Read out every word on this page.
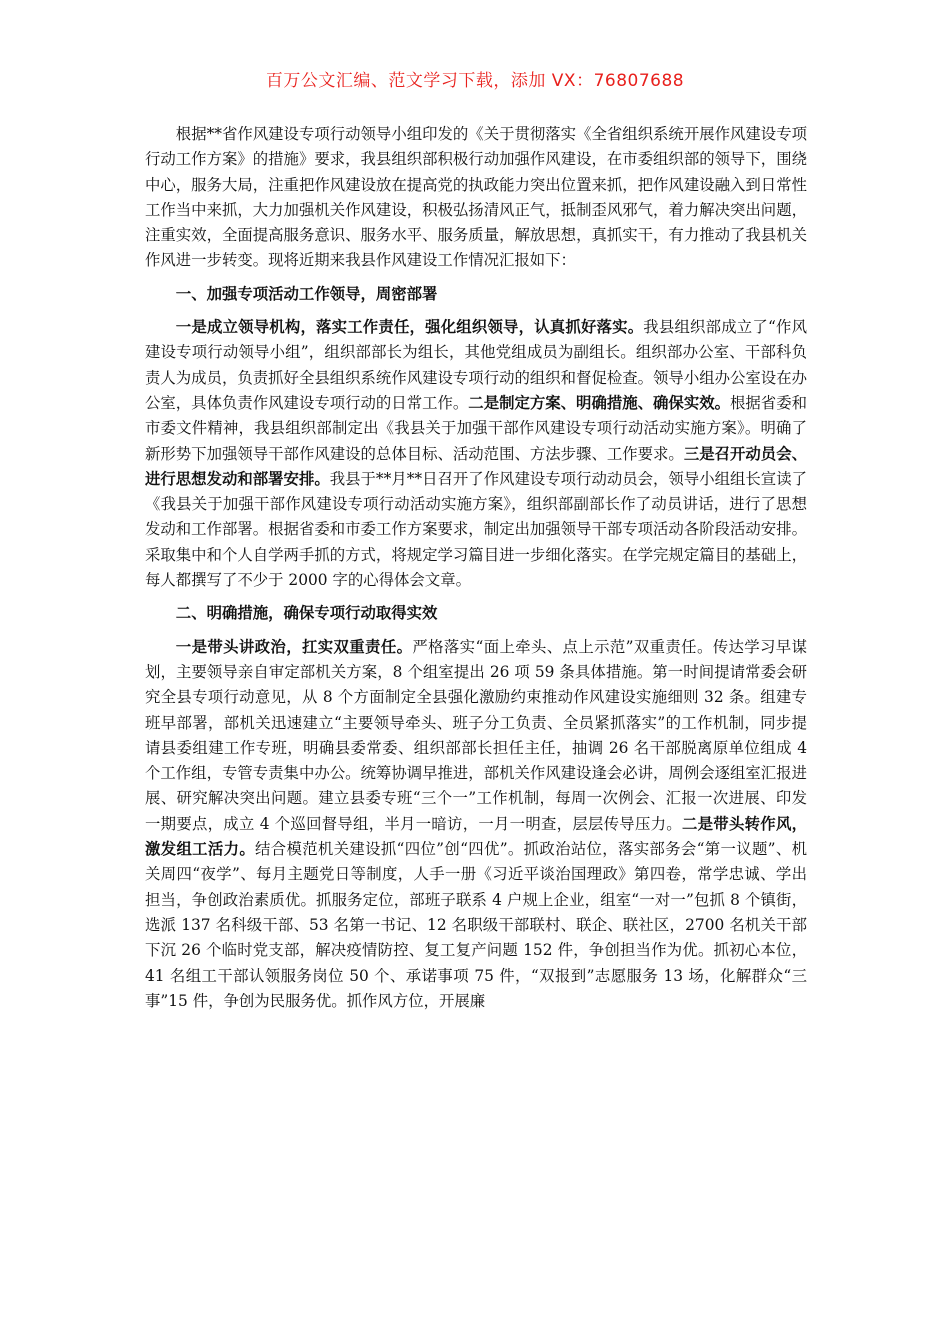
百万公文汇编、范文学习下载，添加 VX：76807688

根据**省作风建设专项行动领导小组印发的《关于贯彻落实《全省组织系统开展作风建设专项行动工作方案》的措施》要求，我县组织部积极行动加强作风建设，在市委组织部的领导下，围绕中心，服务大局，注重把作风建设放在提高党的执政能力突出位置来抓，把作风建设融入到日常性工作当中来抓，大力加强机关作风建设，积极弘扬清风正气，抵制歪风邪气，着力解决突出问题，注重实效，全面提高服务意识、服务水平、服务质量，解放思想，真抓实干，有力推动了我县机关作风进一步转变。现将近期来我县作风建设工作情况汇报如下：

一、加强专项活动工作领导，周密部署

一是成立领导机构，落实工作责任，强化组织领导，认真抓好落实。我县组织部成立了“作风建设专项行动领导小组”，组织部部长为组长，其他党组成员为副组长。组织部办公室、干部科负责人为成员，负责抓好全县组织系统作风建设专项行动的组织和督促检查。领导小组办公室设在办公室，具体负责作风建设专项行动的日常工作。二是制定方案、明确措施、确保实效。根据省委和市委文件精神，我县组织部制定出《我县关于加强干部作风建设专项行动活动实施方案》。明确了新形势下加强领导干部作风建设的总体目标、活动范围、方法步骤、工作要求。三是召开动员会、进行思想发动和部署安排。我县于**月**日召开了作风建设专项行动动员会，领导小组组长宣读了《我县关于加强干部作风建设专项行动活动实施方案》，组织部副部长作了动员讲话，进行了思想发动和工作部署。根据省委和市委工作方案要求，制定出加强领导干部专项活动各阶段活动安排。采取集中和个人自学两手抓的方式，将规定学习篇目进一步细化落实。在学完规定篇目的基础上，每人都撰写了不少于 2000 字的心得体会文章。

二、明确措施，确保专项行动取得实效

一是带头讲政治，扛实双重责任。严格落实“面上牵头、点上示范”双重责任。传达学习早谋划，主要领导亲自审定部机关方案，8 个组室提出 26 项 59 条具体措施。第一时间提请常委会研究全县专项行动意见，从 8 个方面制定全县强化激励约束推动作风建设实施细则 32 条。组建专班早部署，部机关迅速建立“主要领导牵头、班子分工负责、全员紧抓落实”的工作机制，同步提请县委组建工作专班，明确县委常委、组织部部长担任主任，抽调 26 名干部脱离原单位组成 4 个工作组，专管专责集中办公。统筹协调早推进，部机关作风建设逢会必讲，周例会逐组室汇报进展、研究解决突出问题。建立县委专班“三个一”工作机制，每周一次例会、汇报一次进展、印发一期要点，成立 4 个巡回督导组，半月一暗访，一月一明查，层层传导压力。二是带头转作风，激发组工活力。结合模范机关建设抓“四位”创“四优”。抓政治站位，落实部务会“第一议题”、机关周四“夜学”、每月主题党日等制度，人手一册《习近平谈治国理政》第四卷，常学忠诚、学出担当，争创政治素质优。抓服务定位，部班子联系 4 户规上企业，组室“一对一”包抓 8 个镇街，选派 137 名科级干部、53 名第一书记、12 名职级干部联村、联企、联社区，2700 名机关干部下沉 26 个临时党支部，解决疫情防控、复工复产问题 152 件，争创担当作为优。抓初心本位，41 名组工干部认领服务岗位 50 个、承诺事项 75 件，“双报到”志愿服务 13 场，化解群众“三事”15 件，争创为民服务优。抓作风方位，开展廉
